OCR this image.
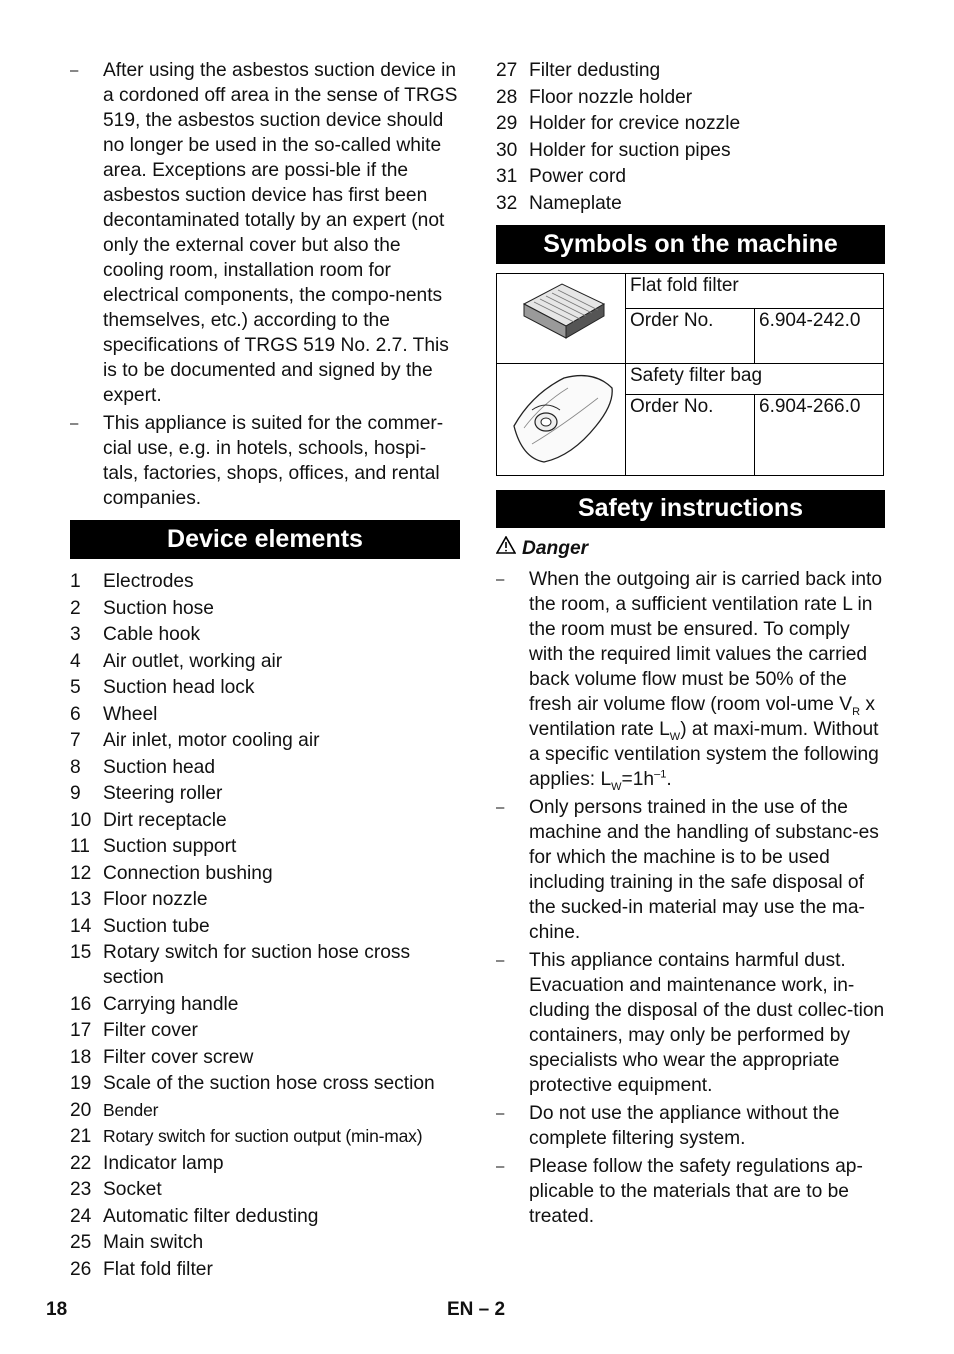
– After using the asbestos suction device in a cordoned off area in the sense of TRGS 519, the asbestos suction device should no longer be used in the so-called white area. Exceptions are possi-ble if the asbestos suction device has first been decontaminated totally by an expert (not only the external cover but also the cooling room, installation room for electrical components, the compo-nents themselves, etc.) according to the specifications of TRGS 519 No. 2.7. This is to be documented and signed by the expert.
– This appliance is suited for the commer-cial use, e.g. in hotels, schools, hospi-tals, factories, shops, offices, and rental companies.
Device elements
1 Electrodes
2 Suction hose
3 Cable hook
4 Air outlet, working air
5 Suction head lock
6 Wheel
7 Air inlet, motor cooling air
8 Suction head
9 Steering roller
10 Dirt receptacle
11 Suction support
12 Connection bushing
13 Floor nozzle
14 Suction tube
15 Rotary switch for suction hose cross section
16 Carrying handle
17 Filter cover
18 Filter cover screw
19 Scale of the suction hose cross section
20 Bender
21 Rotary switch for suction output (min-max)
22 Indicator lamp
23 Socket
24 Automatic filter dedusting
25 Main switch
26 Flat fold filter
27 Filter dedusting
28 Floor nozzle holder
29 Holder for crevice nozzle
30 Holder for suction pipes
31 Power cord
32 Nameplate
Symbols on the machine
	Flat fold filter	
	Order No.	6.904-242.0
	Safety filter bag	
	Order No.	6.904-266.0
Safety instructions
Danger
– When the outgoing air is carried back into the room, a sufficient ventilation rate L in the room must be ensured. To comply with the required limit values the carried back volume flow must be 50% of the fresh air volume flow (room vol-ume $V_R$ x ventilation rate $L_W$) at maxi-mum. Without a specific ventilation system the following applies: $L_W=1h^{-1}$.
– Only persons trained in the use of the machine and the handling of substanc-es for which the machine is to be used including training in the safe disposal of the sucked-in material may use the ma-chine.
– This appliance contains harmful dust. Evacuation and maintenance work, in-cluding the disposal of the dust collec-tion containers, may only be performed by specialists who wear the appropriate protective equipment.
– Do not use the appliance without the complete filtering system.
– Please follow the safety regulations ap-plicable to the materials that are to be treated.
18	EN – 2
